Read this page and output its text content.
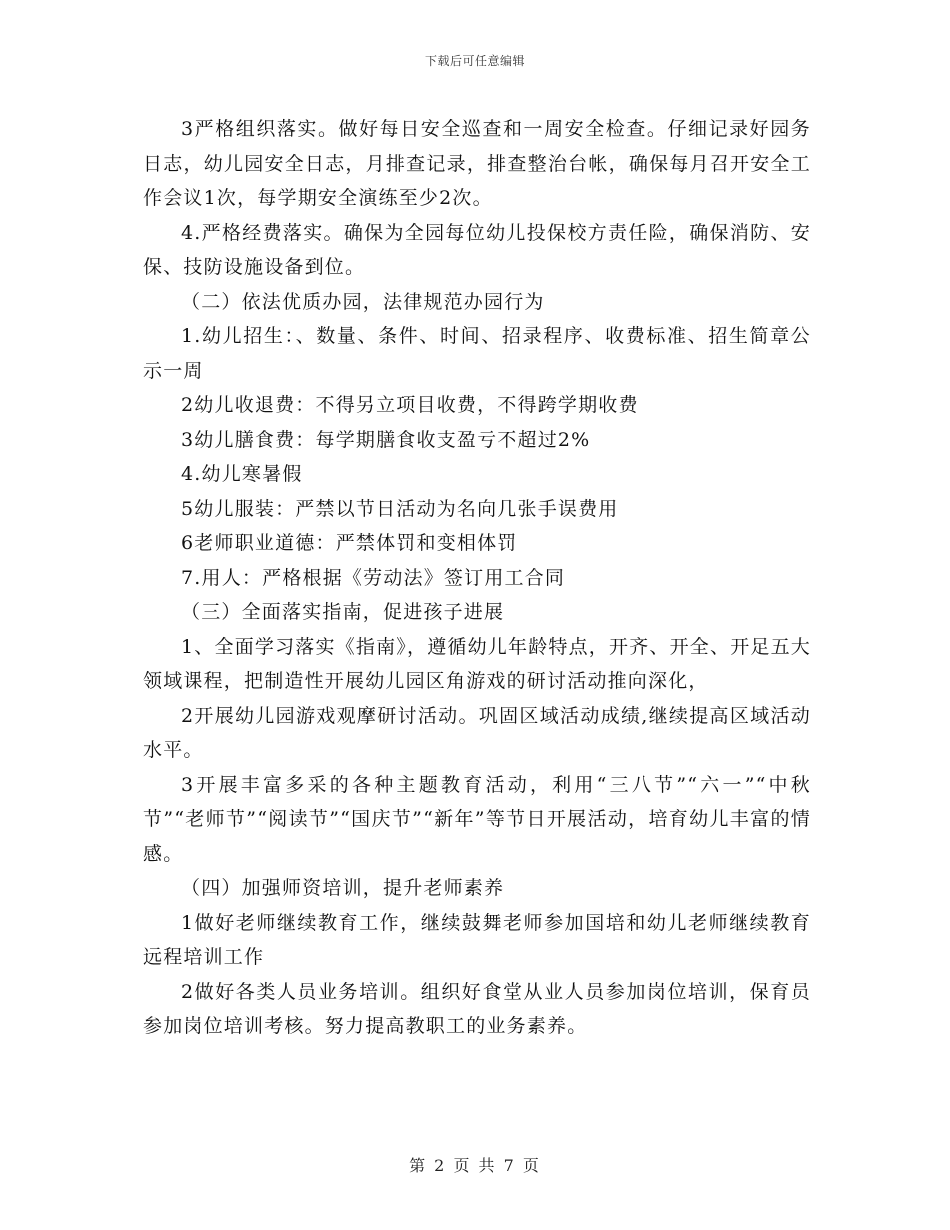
下载后可任意编辑

3严格组织落实。做好每日安全巡查和一周安全检查。仔细记录好园务日志，幼儿园安全日志，月排查记录，排查整治台帐，确保每月召开安全工作会议1次，每学期安全演练至少2次。

4.严格经费落实。确保为全园每位幼儿投保校方责任险，确保消防、安保、技防设施设备到位。

（二）依法优质办园，法律规范办园行为

1.幼儿招生：、数量、条件、时间、招录程序、收费标准、招生简章公示一周

2幼儿收退费：不得另立项目收费，不得跨学期收费

3幼儿膳食费：每学期膳食收支盈亏不超过2%

4.幼儿寒暑假

5幼儿服装：严禁以节日活动为名向几张手误费用

6老师职业道德：严禁体罚和变相体罚

7.用人：严格根据《劳动法》签订用工合同

（三）全面落实指南，促进孩子进展

1、全面学习落实《指南》，遵循幼儿年龄特点，开齐、开全、开足五大领域课程，把制造性开展幼儿园区角游戏的研讨活动推向深化，

2开展幼儿园游戏观摩研讨活动。巩固区域活动成绩,继续提高区域活动水平。

3开展丰富多采的各种主题教育活动，利用“三八节”“六一”“中秋节”“老师节”“阅读节”“国庆节”“新年”等节日开展活动，培育幼儿丰富的情感。

（四）加强师资培训，提升老师素养

1做好老师继续教育工作，继续鼓舞老师参加国培和幼儿老师继续教育远程培训工作

2做好各类人员业务培训。组织好食堂从业人员参加岗位培训，保育员参加岗位培训考核。努力提高教职工的业务素养。

第 2 页 共 7 页
